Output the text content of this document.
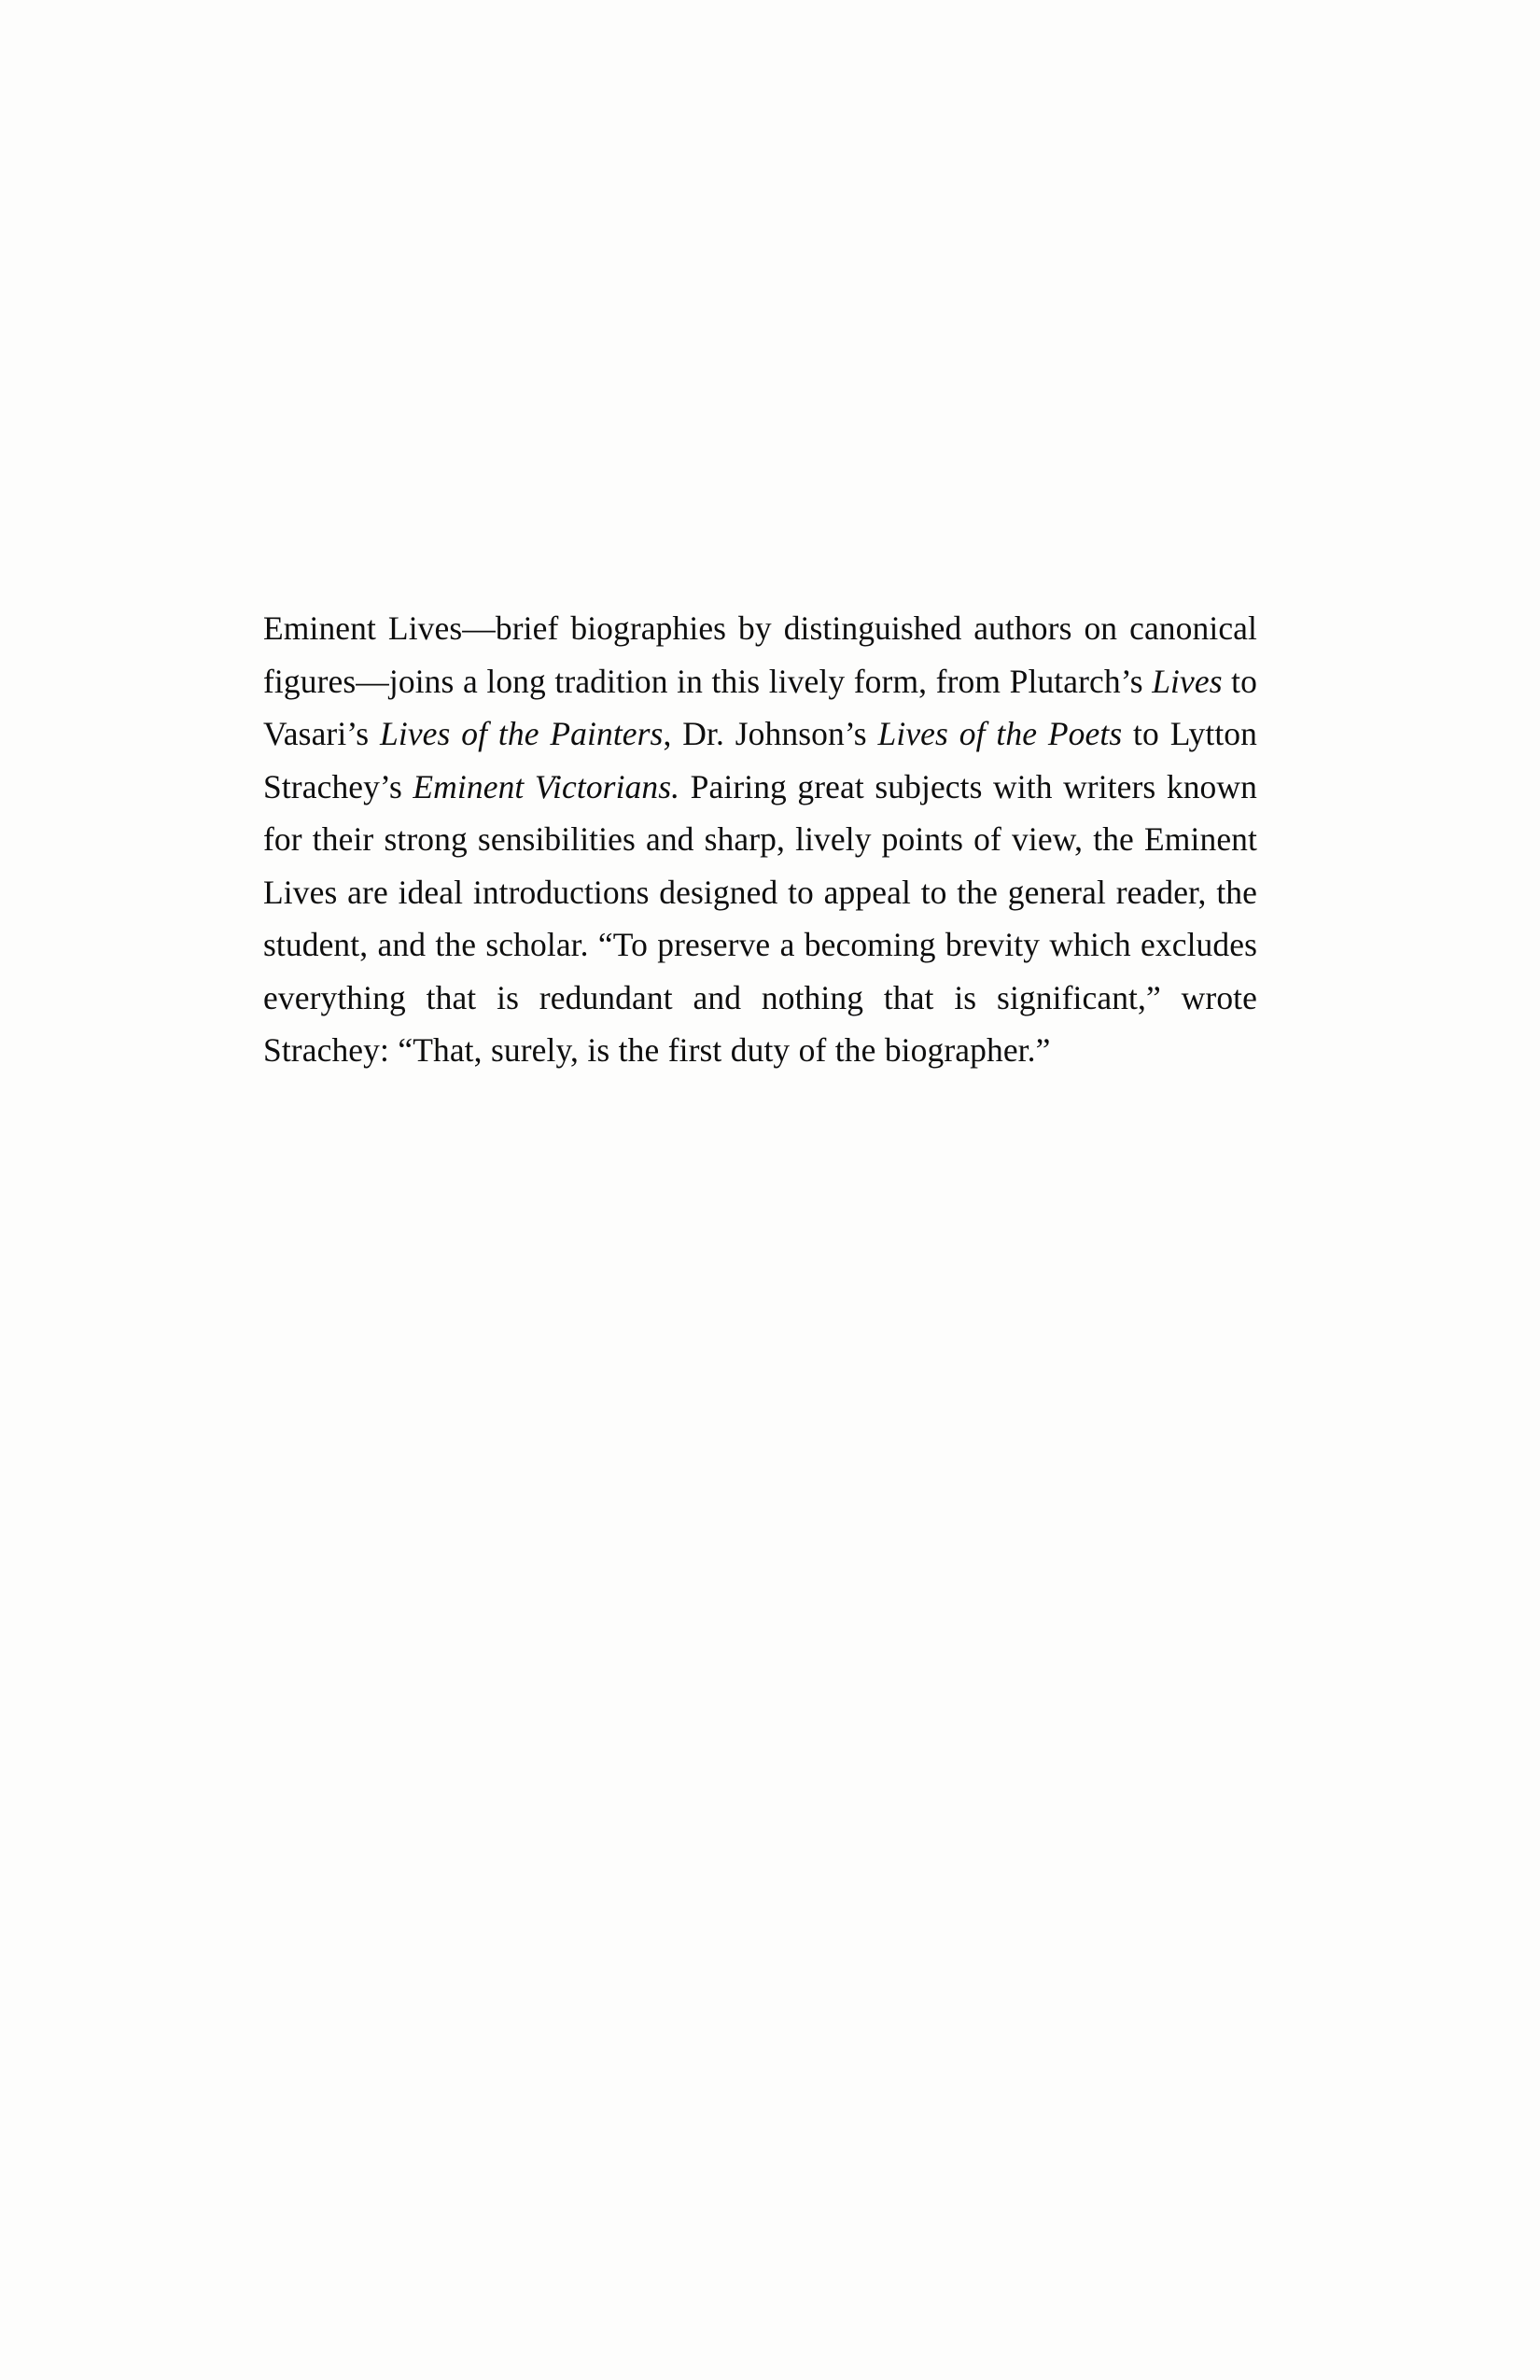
Eminent Lives—brief biographies by distinguished authors on canonical figures—joins a long tradition in this lively form, from Plutarch’s Lives to Vasari’s Lives of the Painters, Dr. Johnson’s Lives of the Poets to Lytton Strachey’s Eminent Victorians. Pairing great subjects with writers known for their strong sensibilities and sharp, lively points of view, the Eminent Lives are ideal introductions designed to appeal to the general reader, the student, and the scholar. “To preserve a becoming brevity which excludes everything that is redundant and nothing that is significant,” wrote Strachey: “That, surely, is the first duty of the biographer.”
